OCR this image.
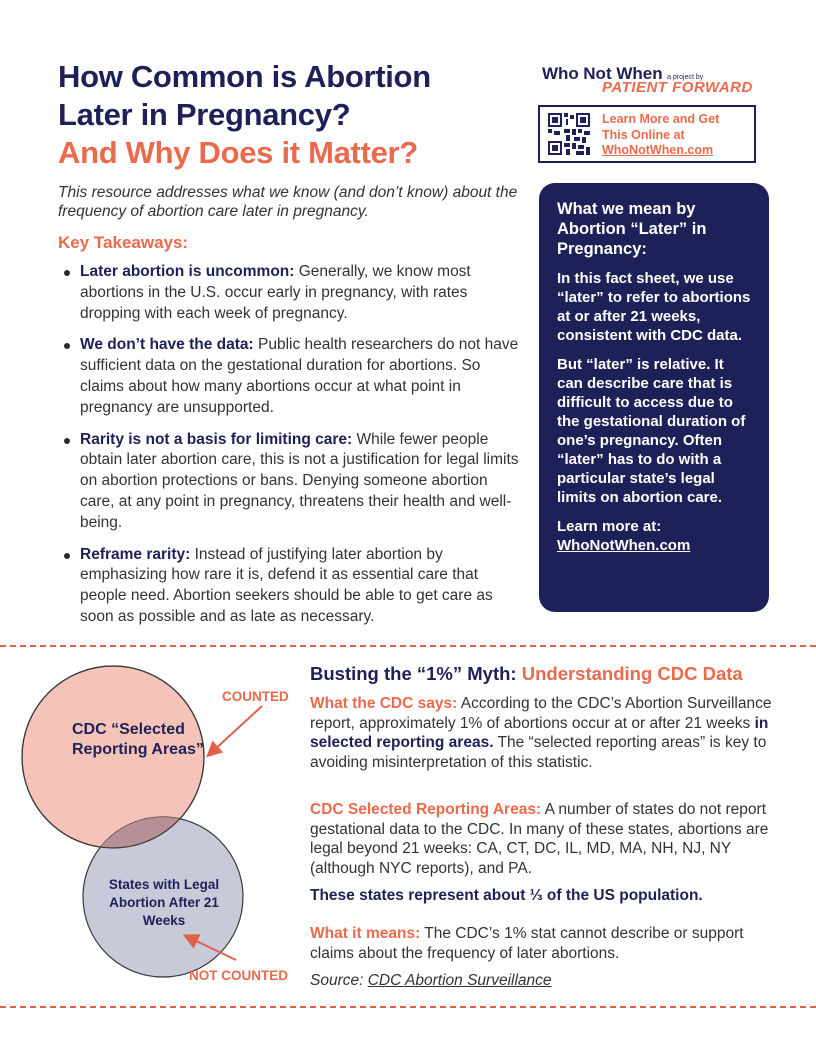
How Common is Abortion
Later in Pregnancy?
And Why Does it Matter?
This resource addresses what we know (and don’t know) about the frequency of abortion care later in pregnancy.
Key Takeaways:
Later abortion is uncommon: Generally, we know most abortions in the U.S. occur early in pregnancy, with rates dropping with each week of pregnancy.
We don’t have the data: Public health researchers do not have sufficient data on the gestational duration for abortions. So claims about how many abortions occur at what point in pregnancy are unsupported.
Rarity is not a basis for limiting care: While fewer people obtain later abortion care, this is not a justification for legal limits on abortion protections or bans. Denying someone abortion care, at any point in pregnancy, threatens their health and well-being.
Reframe rarity: Instead of justifying later abortion by emphasizing how rare it is, defend it as essential care that people need. Abortion seekers should be able to get care as soon as possible and as late as necessary.
Who Not When a project by
PATIENT FORWARD
Learn More and Get
This Online at
WhoNotWhen.com
What we mean by Abortion “Later” in Pregnancy:

In this fact sheet, we use “later” to refer to abortions at or after 21 weeks, consistent with CDC data.

But “later” is relative. It can describe care that is difficult to access due to the gestational duration of one’s pregnancy. Often “later” has to do with a particular state’s legal limits on abortion care.

Learn more at:
WhoNotWhen.com

CDC “Selected Reporting Areas”
States with Legal Abortion After 21 Weeks
COUNTED
NOT COUNTED
Busting the “1%” Myth: Understanding CDC Data
What the CDC says: According to the CDC’s Abortion Surveillance report, approximately 1% of abortions occur at or after 21 weeks in selected reporting areas. The “selected reporting areas” is key to avoiding misinterpretation of this statistic.
CDC Selected Reporting Areas: A number of states do not report gestational data to the CDC. In many of these states, abortions are legal beyond 21 weeks: CA, CT, DC, IL, MD, MA, NH, NJ, NY (although NYC reports), and PA.
These states represent about ⅓ of the US population.
What it means: The CDC’s 1% stat cannot describe or support claims about the frequency of later abortions.
Source: CDC Abortion Surveillance
